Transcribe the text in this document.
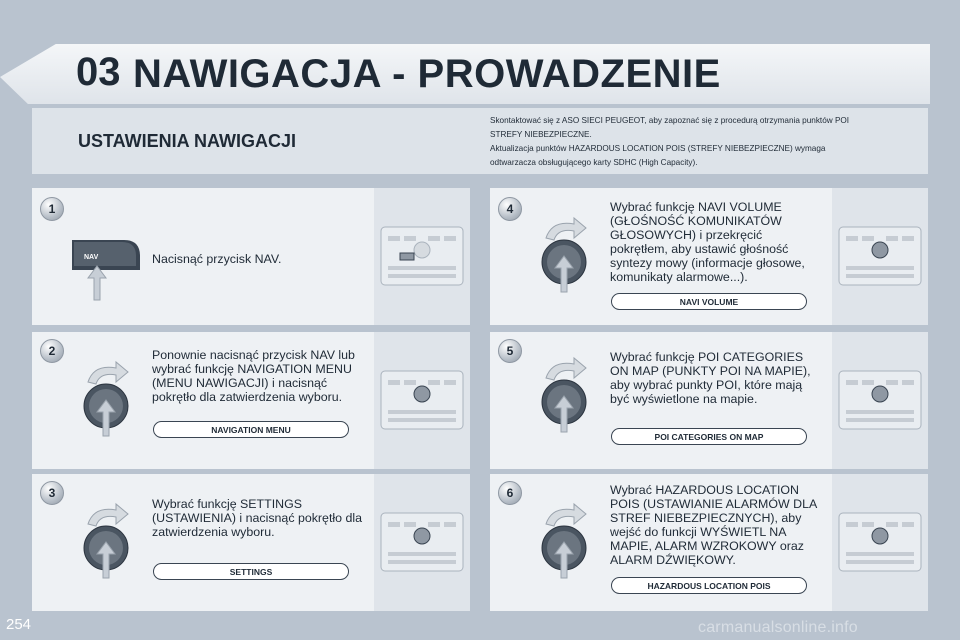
03 NAWIGACJA - PROWADZENIE
USTAWIENIA NAWIGACJI

Skontaktować się z ASO SIECI PEUGEOT, aby zapoznać się z procedurą otrzymania punktów POI

STREFY NIEBEZPIECZNE.

Aktualizacja punktów HAZARDOUS LOCATION POIS (STREFY NIEBEZPIECZNE) wymaga

odtwarzacza obsługującego karty SDHC (High Capacity).

1
NAV	Nacisnąć przycisk NAV.
2	Ponownie nacisnąć przycisk NAV lub wybrać funkcję NAVIGATION MENU (MENU NAWIGACJI) i nacisnąć pokrętło dla zatwierdzenia wyboru.
NAVIGATION MENU
3
Wybrać funkcję SETTINGS (USTAWIENIA) i nacisnąć pokrętło dla zatwierdzenia wyboru.
SETTINGS
4	Wybrać funkcję NAVI VOLUME (GŁOŚNOŚĆ KOMUNIKATÓW GŁOSOWYCH) i przekręcić pokrętłem, aby ustawić głośność syntezy mowy (informacje głosowe, komunikaty alarmowe...).
NAVI VOLUME
5	Wybrać funkcję POI CATEGORIES ON MAP (PUNKTY POI NA MAPIE), aby wybrać punkty POI, które mają być wyświetlone na mapie.
POI CATEGORIES ON MAP
6	Wybrać HAZARDOUS LOCATION POIS (USTAWIANIE ALARMÓW DLA STREF NIEBEZPIECZNYCH), aby wejść do funkcji WYŚWIETL NA MAPIE, ALARM WZROKOWY oraz ALARM DŹWIĘKOWY.
HAZARDOUS LOCATION POIS
254	carmanualsonline.info
